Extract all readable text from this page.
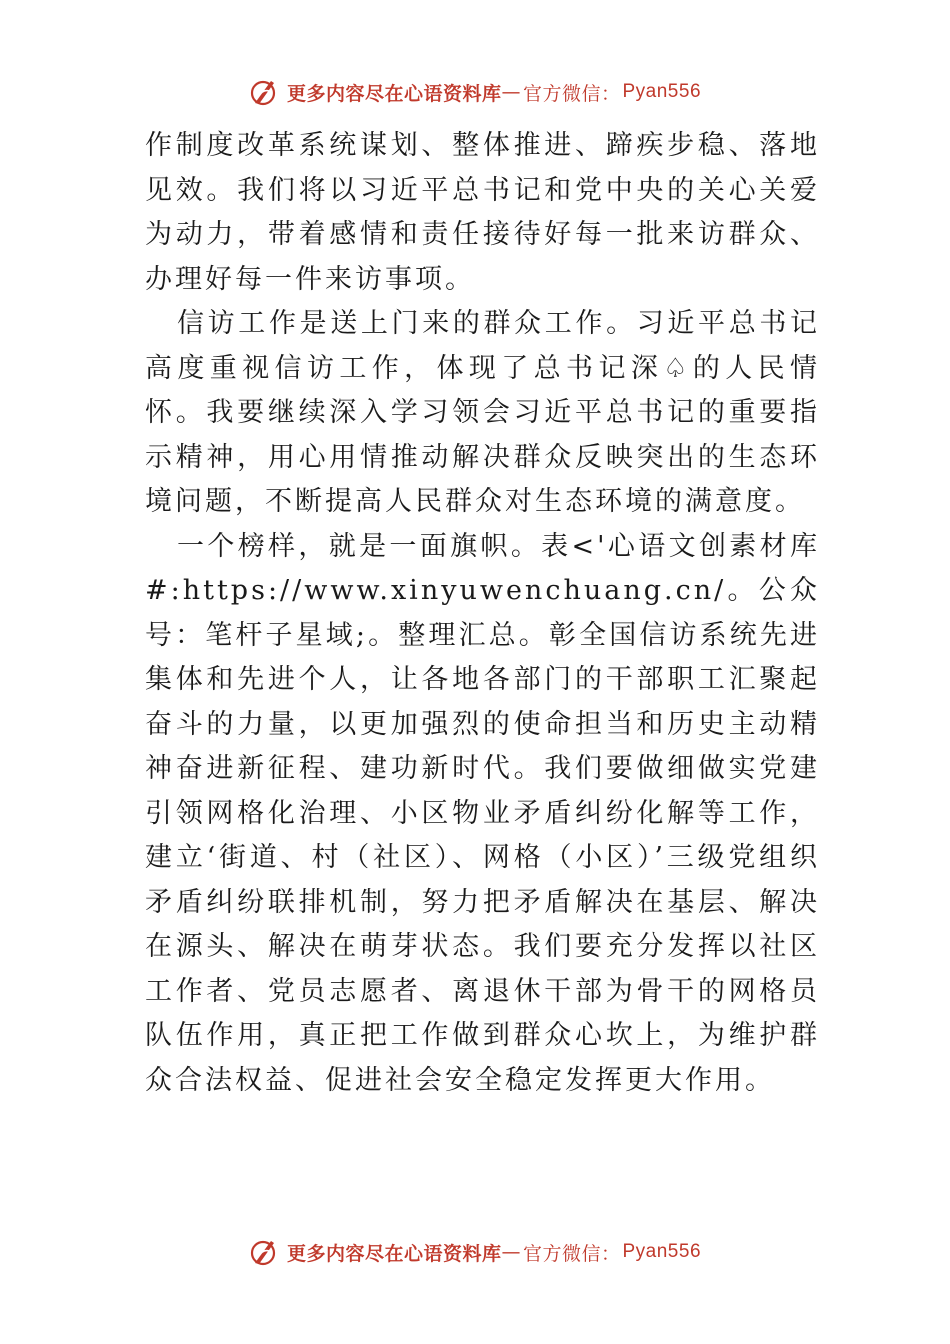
更多内容尽在心语资料库 — 官方微信： Pyan556

作制度改革系统谋划、整体推进、蹄疾步稳、落地见效。我们将以习近平总书记和党中央的关心关爱为动力，带着感情和责任接待好每一批来访群众、办理好每一件来访事项。

信访工作是送上门来的群众工作。习近平总书记高度重视信访工作，体现了总书记深♤的人民情怀。我要继续深入学习领会习近平总书记的重要指示精神，用心用情推动解决群众反映突出的生态环境问题，不断提高人民群众对生态环境的满意度。

一个榜样，就是一面旗帜。表<'心语文创素材库#:https://www.xinyuwenchuang.cn/。公众号：笔杆子星域;。整理汇总。彰全国信访系统先进集体和先进个人，让各地各部门的干部职工汇聚起奋斗的力量，以更加强烈的使命担当和历史主动精神奋进新征程、建功新时代。我们要做细做实党建引领网格化治理、小区物业矛盾纠纷化解等工作，建立‘街道、村（社区）、网格（小区）’三级党组织矛盾纠纷联排机制，努力把矛盾解决在基层、解决在源头、解决在萌芽状态。我们要充分发挥以社区工作者、党员志愿者、离退休干部为骨干的网格员队伍作用，真正把工作做到群众心坎上，为维护群众合法权益、促进社会安全稳定发挥更大作用。

更多内容尽在心语资料库 — 官方微信： Pyan556
